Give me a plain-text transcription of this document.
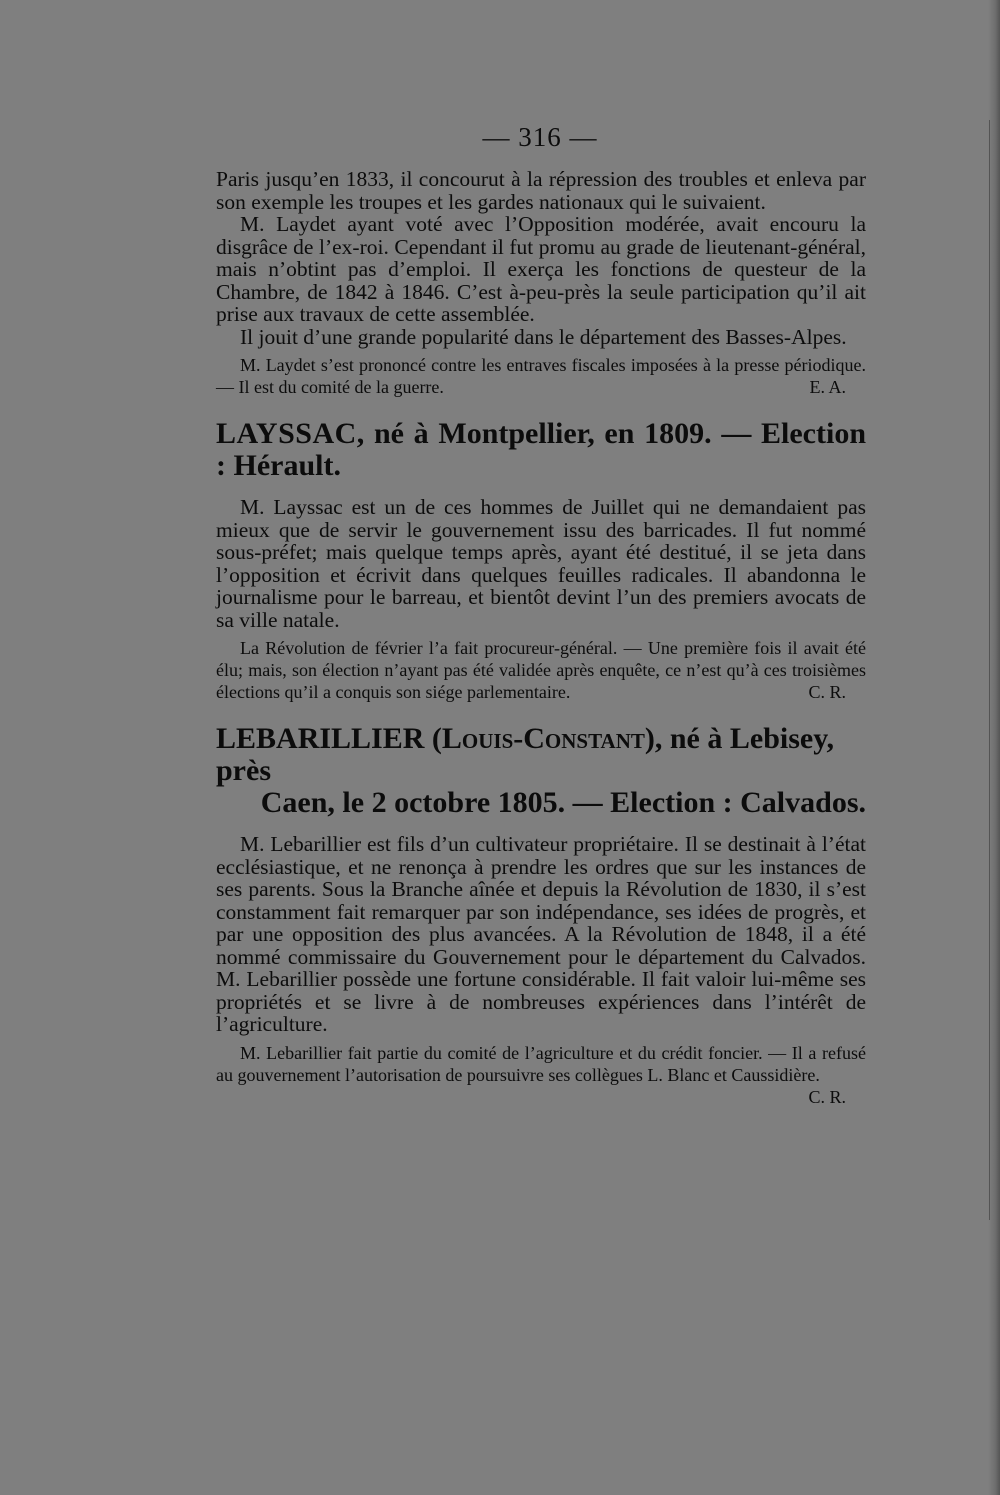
— 316 —

Paris jusqu’en 1833, il concourut à la répression des troubles et enleva par son exemple les troupes et les gardes nationaux qui le suivaient.

M. Laydet ayant voté avec l’Opposition modérée, avait encouru la disgrâce de l’ex-roi. Cependant il fut promu au grade de lieutenant-général, mais n’obtint pas d’emploi. Il exerça les fonctions de questeur de la Chambre, de 1842 à 1846. C’est à-peu-près la seule participation qu’il ait prise aux travaux de cette assemblée.

Il jouit d’une grande popularité dans le département des Basses-Alpes.

M. Laydet s’est prononcé contre les entraves fiscales imposées à la presse périodique. — Il est du comité de la guerre.	E. A.

LAYSSAC, né à Montpellier, en 1809. — Election : Hérault.

M. Layssac est un de ces hommes de Juillet qui ne demandaient pas mieux que de servir le gouvernement issu des barricades. Il fut nommé sous-préfet; mais quelque temps après, ayant été destitué, il se jeta dans l’opposition et écrivit dans quelques feuilles radicales. Il abandonna le journalisme pour le barreau, et bientôt devint l’un des premiers avocats de sa ville natale.

La Révolution de février l’a fait procureur-général. — Une première fois il avait été élu; mais, son élection n’ayant pas été validée après enquête, ce n’est qu’à ces troisièmes élections qu’il a conquis son siége parlementaire.	C. R.

LEBARILLIER (Louis-Constant), né à Lebisey, près
Caen, le 2 octobre 1805. — Election : Calvados.

M. Lebarillier est fils d’un cultivateur propriétaire. Il se destinait à l’état ecclésiastique, et ne renonça à prendre les ordres que sur les instances de ses parents. Sous la Branche aînée et depuis la Révolution de 1830, il s’est constamment fait remarquer par son indépendance, ses idées de progrès, et par une opposition des plus avancées. A la Révolution de 1848, il a été nommé commissaire du Gouvernement pour le département du Calvados. M. Lebarillier possède une fortune considérable. Il fait valoir lui-même ses propriétés et se livre à de nombreuses expériences dans l’intérêt de l’agriculture.

M. Lebarillier fait partie du comité de l’agriculture et du crédit foncier. — Il a refusé au gouvernement l’autorisation de poursuivre ses collègues L. Blanc et Caussidière.
C. R.
